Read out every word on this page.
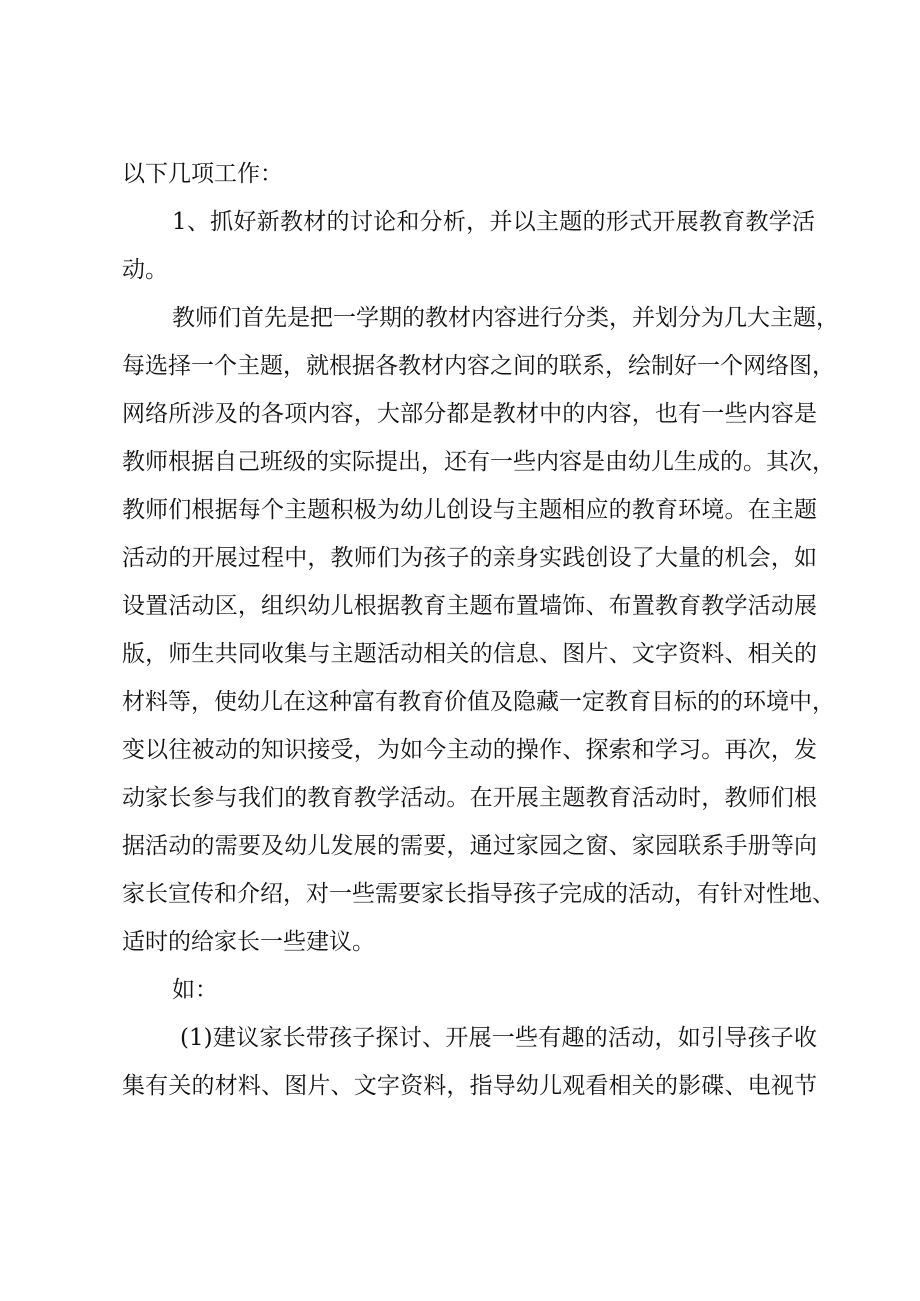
以下几项工作：
1、抓好新教材的讨论和分析，并以主题的形式开展教育教学活
动。
教师们首先是把一学期的教材内容进行分类，并划分为几大主题，
每选择一个主题，就根据各教材内容之间的联系，绘制好一个网络图，
网络所涉及的各项内容，大部分都是教材中的内容，也有一些内容是
教师根据自己班级的实际提出，还有一些内容是由幼儿生成的。其次，
教师们根据每个主题积极为幼儿创设与主题相应的教育环境。在主题
活动的开展过程中，教师们为孩子的亲身实践创设了大量的机会，如
设置活动区，组织幼儿根据教育主题布置墙饰、布置教育教学活动展
版，师生共同收集与主题活动相关的信息、图片、文字资料、相关的
材料等，使幼儿在这种富有教育价值及隐藏一定教育目标的的环境中，
变以往被动的知识接受，为如今主动的操作、探索和学习。再次，发
动家长参与我们的教育教学活动。在开展主题教育活动时，教师们根
据活动的需要及幼儿发展的需要，通过家园之窗、家园联系手册等向
家长宣传和介绍，对一些需要家长指导孩子完成的活动，有针对性地、
适时的给家长一些建议。
如：
(1)建议家长带孩子探讨、开展一些有趣的活动，如引导孩子收
集有关的材料、图片、文字资料，指导幼儿观看相关的影碟、电视节
